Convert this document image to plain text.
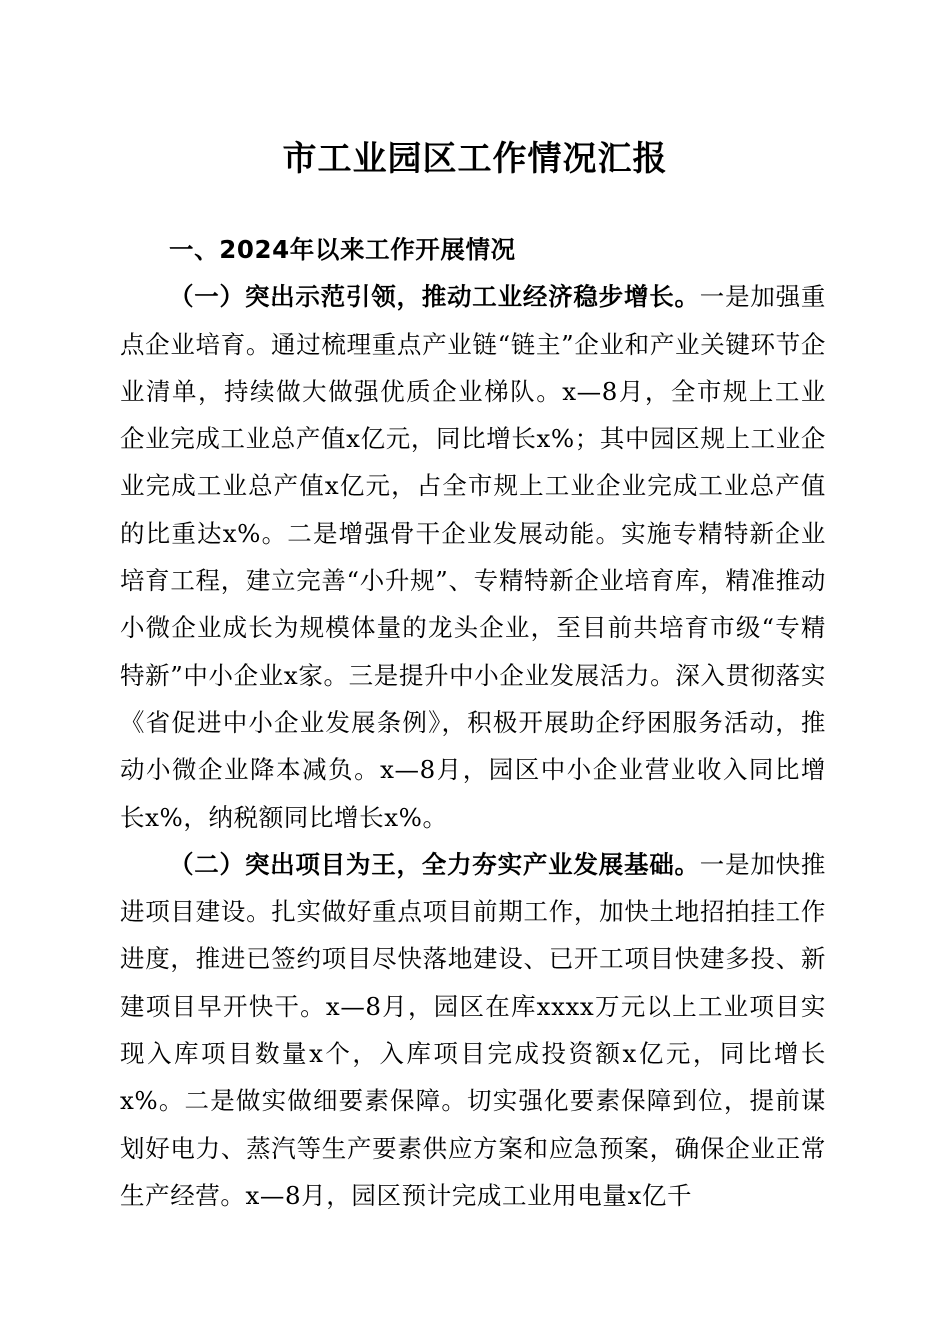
市工业园区工作情况汇报

一、2024年以来工作开展情况

（一）突出示范引领，推动工业经济稳步增长。一是加强重点企业培育。通过梳理重点产业链“链主”企业和产业关键环节企业清单，持续做大做强优质企业梯队。x—8月，全市规上工业企业完成工业总产值x亿元，同比增长x%；其中园区规上工业企业完成工业总产值x亿元，占全市规上工业企业完成工业总产值的比重达x%。二是增强骨干企业发展动能。实施专精特新企业培育工程，建立完善“小升规”、专精特新企业培育库，精准推动小微企业成长为规模体量的龙头企业，至目前共培育市级“专精特新”中小企业x家。三是提升中小企业发展活力。深入贯彻落实《省促进中小企业发展条例》，积极开展助企纾困服务活动，推动小微企业降本减负。x—8月，园区中小企业营业收入同比增长x%，纳税额同比增长x%。

（二）突出项目为王，全力夯实产业发展基础。一是加快推进项目建设。扎实做好重点项目前期工作，加快土地招拍挂工作进度，推进已签约项目尽快落地建设、已开工项目快建多投、新建项目早开快干。x—8月，园区在库xxxx万元以上工业项目实现入库项目数量x个，入库项目完成投资额x亿元，同比增长x%。二是做实做细要素保障。切实强化要素保障到位，提前谋划好电力、蒸汽等生产要素供应方案和应急预案，确保企业正常生产经营。x—8月，园区预计完成工业用电量x亿千
